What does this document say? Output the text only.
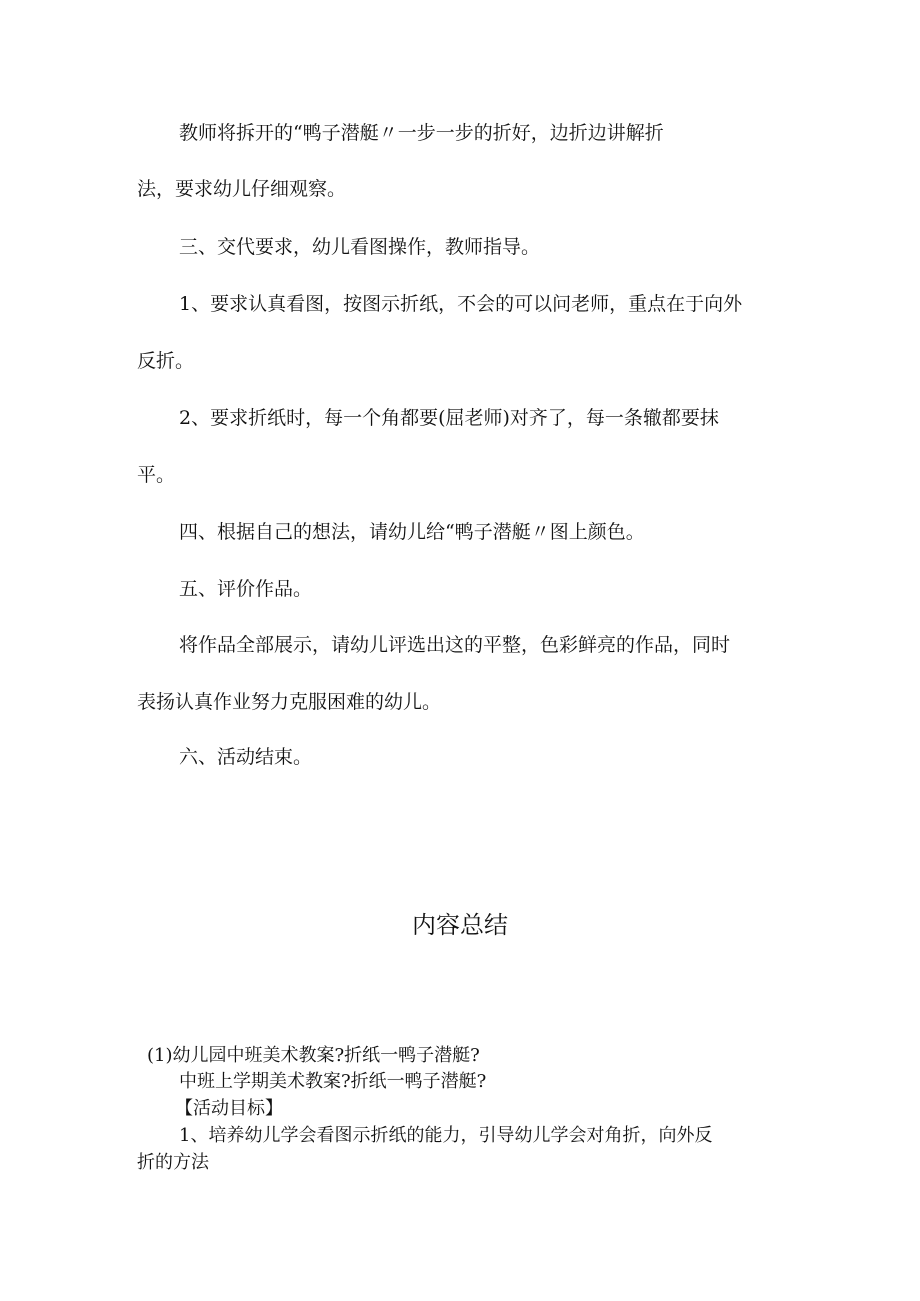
教师将拆开的“鸭子潜艇〃一步一步的折好，边折边讲解折
法，要求幼儿仔细观察。
三、交代要求，幼儿看图操作，教师指导。
1、要求认真看图，按图示折纸，不会的可以问老师，重点在于向外
反折。
2、要求折纸时，每一个角都要(屈老师)对齐了，每一条辙都要抹
平。
四、根据自己的想法，请幼儿给“鸭子潜艇〃图上颜色。
五、评价作品。
将作品全部展示，请幼儿评选出这的平整，色彩鲜亮的作品，同时
表扬认真作业努力克服困难的幼儿。
六、活动结束。
内容总结
(1)幼儿园中班美术教案?折纸一鸭子潜艇?
中班上学期美术教案?折纸一鸭子潜艇?
【活动目标】
1、培养幼儿学会看图示折纸的能力，引导幼儿学会对角折，向外反
折的方法
